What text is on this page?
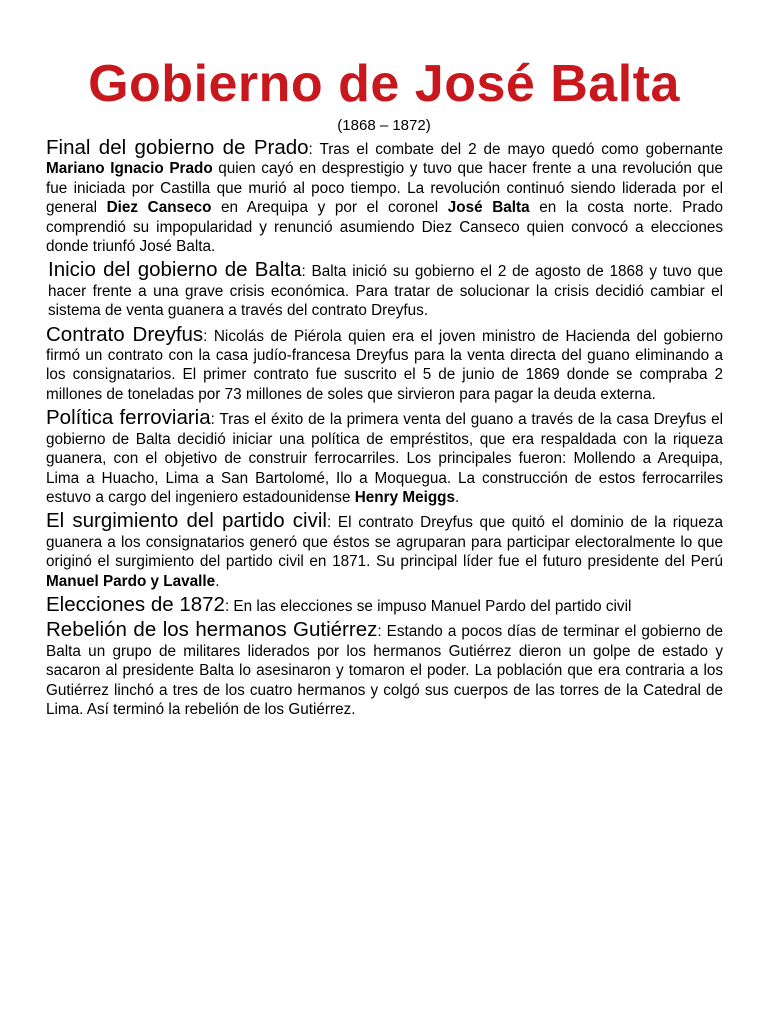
Gobierno de José Balta
(1868 – 1872)

Final del gobierno de Prado: Tras el combate del 2 de mayo quedó como gobernante Mariano Ignacio Prado quien cayó en desprestigio y tuvo que hacer frente a una revolución que fue iniciada por Castilla que murió al poco tiempo. La revolución continuó siendo liderada por el general Diez Canseco en Arequipa y por el coronel José Balta en la costa norte. Prado comprendió su impopularidad y renunció asumiendo Diez Canseco quien convocó a elecciones donde triunfó José Balta.

Inicio del gobierno de Balta: Balta inició su gobierno el 2 de agosto de 1868 y tuvo que hacer frente a una grave crisis económica. Para tratar de solucionar la crisis decidió cambiar el sistema de venta guanera a través del contrato Dreyfus.

Contrato Dreyfus: Nicolás de Piérola quien era el joven ministro de Hacienda del gobierno firmó un contrato con la casa judío-francesa Dreyfus para la venta directa del guano eliminando a los consignatarios. El primer contrato fue suscrito el 5 de junio de 1869 donde se compraba 2 millones de toneladas por 73 millones de soles que sirvieron para pagar la deuda externa.

Política ferroviaria: Tras el éxito de la primera venta del guano a través de la casa Dreyfus el gobierno de Balta decidió iniciar una política de empréstitos, que era respaldada con la riqueza guanera, con el objetivo de construir ferrocarriles. Los principales fueron: Mollendo a Arequipa, Lima a Huacho, Lima a San Bartolomé, Ilo a Moquegua. La construcción de estos ferrocarriles estuvo a cargo del ingeniero estadounidense Henry Meiggs.

El surgimiento del partido civil: El contrato Dreyfus que quitó el dominio de la riqueza guanera a los consignatarios generó que éstos se agruparan para participar electoralmente lo que originó el surgimiento del partido civil en 1871. Su principal líder fue el futuro presidente del Perú Manuel Pardo y Lavalle.

Elecciones de 1872: En las elecciones se impuso Manuel Pardo del partido civil

Rebelión de los hermanos Gutiérrez: Estando a pocos días de terminar el gobierno de Balta un grupo de militares liderados por los hermanos Gutiérrez dieron un golpe de estado y sacaron al presidente Balta lo asesinaron y tomaron el poder. La población que era contraria a los Gutiérrez linchó a tres de los cuatro hermanos y colgó sus cuerpos de las torres de la Catedral de Lima. Así terminó la rebelión de los Gutiérrez.
